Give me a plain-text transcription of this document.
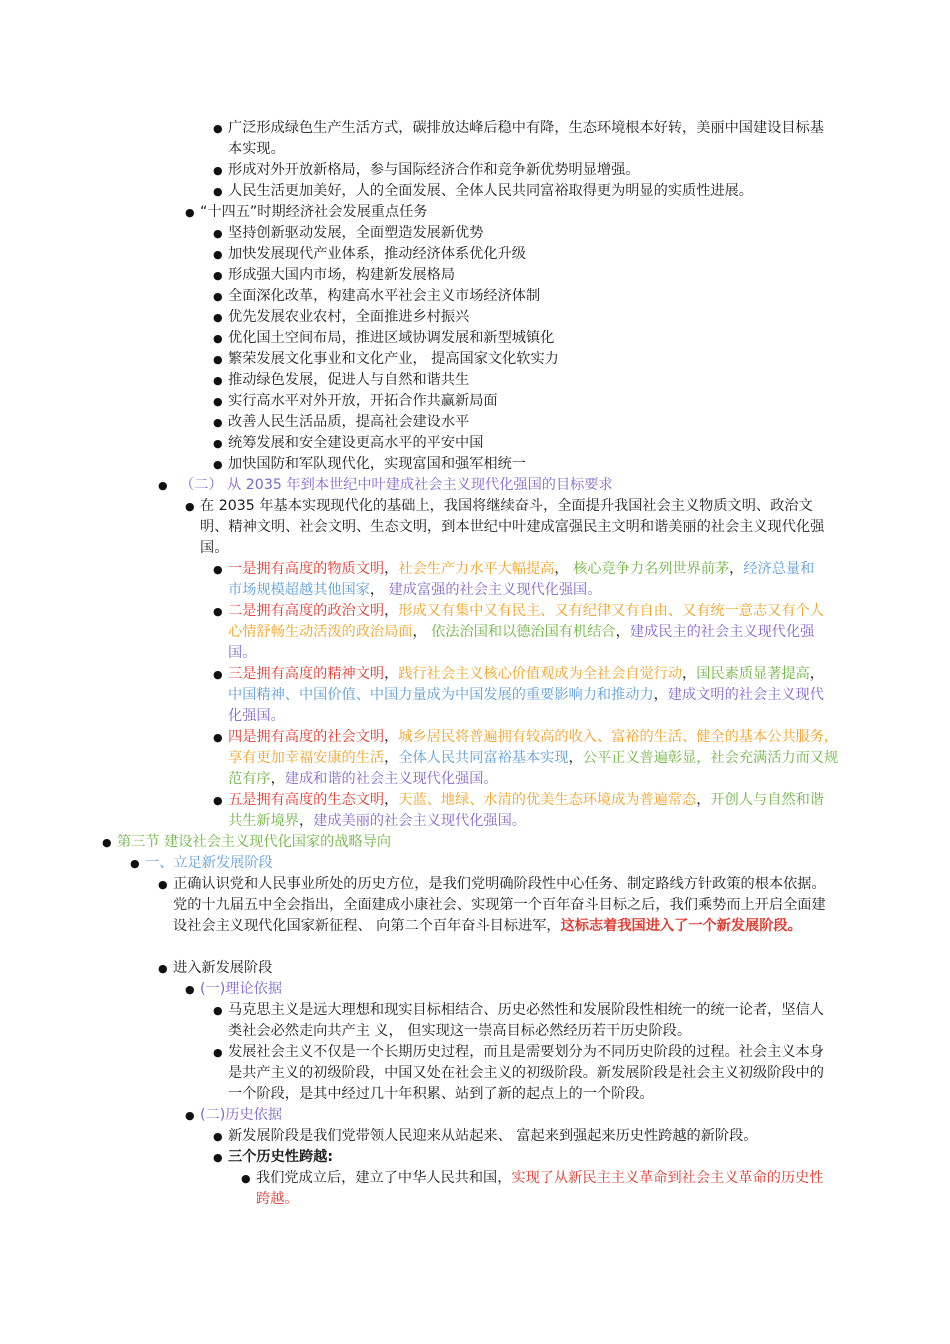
● 广泛形成绿色生产生活方式，碳排放达峰后稳中有降，生态环境根本好转，美丽中国建设目标基本实现。

● 形成对外开放新格局，参与国际经济合作和竞争新优势明显增强。

● 人民生活更加美好，人的全面发展、全体人民共同富裕取得更为明显的实质性进展。

● “十四五”时期经济社会发展重点任务

● 坚持创新驱动发展，全面塑造发展新优势

● 加快发展现代产业体系，推动经济体系优化升级

● 形成强大国内市场，构建新发展格局

● 全面深化改革，构建高水平社会主义市场经济体制

● 优先发展农业农村，全面推进乡村振兴

● 优化国土空间布局，推进区域协调发展和新型城镇化

● 繁荣发展文化事业和文化产业， 提高国家文化软实力

● 推动绿色发展，促进人与自然和谐共生

● 实行高水平对外开放，开拓合作共赢新局面

● 改善人民生活品质，提高社会建设水平

● 统筹发展和安全建设更高水平的平安中国

● 加快国防和军队现代化，实现富国和强军相统一

● （二） 从 2035 年到本世纪中叶建成社会主义现代化强国的目标要求

● 在 2035 年基本实现现代化的基础上，我国将继续奋斗，全面提升我国社会主义物质文明、政治文明、精神文明、社会文明、生态文明，到本世纪中叶建成富强民主文明和谐美丽的社会主义现代化强国。

● 一是拥有高度的物质文明，社会生产力水平大幅提高， 核心竞争力名列世界前茅，经济总量和市场规模超越其他国家， 建成富强的社会主义现代化强国。

● 二是拥有高度的政治文明，形成又有集中又有民主、又有纪律又有自由、又有统一意志又有个人心情舒畅生动活泼的政治局面， 依法治国和以德治国有机结合，建成民主的社会主义现代化强国。

● 三是拥有高度的精神文明，践行社会主义核心价值观成为全社会自觉行动，国民素质显著提高，中国精神、中国价值、中国力量成为中国发展的重要影响力和推动力，建成文明的社会主义现代化强国。

● 四是拥有高度的社会文明，城乡居民将普遍拥有较高的收入、富裕的生活、健全的基本公共服务，享有更加幸福安康的生活，全体人民共同富裕基本实现，公平正义普遍彰显，社会充满活力而又规范有序，建成和谐的社会主义现代化强国。

● 五是拥有高度的生态文明，天蓝、地绿、水清的优美生态环境成为普遍常态，开创人与自然和谐共生新境界，建成美丽的社会主义现代化强国。

● 第三节 建设社会主义现代化国家的战略导向

● 一、立足新发展阶段

● 正确认识党和人民事业所处的历史方位，是我们党明确阶段性中心任务、制定路线方针政策的根本依据。党的十九届五中全会指出，全面建成小康社会、实现第一个百年奋斗目标之后，我们乘势而上开启全面建设社会主义现代化国家新征程、 向第二个百年奋斗目标进军，这标志着我国进入了一个新发展阶段。

● 进入新发展阶段

● (一)理论依据

● 马克思主义是远大理想和现实目标相结合、历史必然性和发展阶段性相统一的统一论者，坚信人类社会必然走向共产主 义， 但实现这一崇高目标必然经历若干历史阶段。

● 发展社会主义不仅是一个长期历史过程，而且是需要划分为不同历史阶段的过程。社会主义本身是共产主义的初级阶段，中国又处在社会主义的初级阶段。新发展阶段是社会主义初级阶段中的一个阶段，是其中经过几十年积累、站到了新的起点上的一个阶段。

● (二)历史依据

● 新发展阶段是我们党带领人民迎来从站起来、 富起来到强起来历史性跨越的新阶段。

● 三个历史性跨越:

● 我们党成立后，建立了中华人民共和国，实现了从新民主主义革命到社会主义革命的历史性跨越。
